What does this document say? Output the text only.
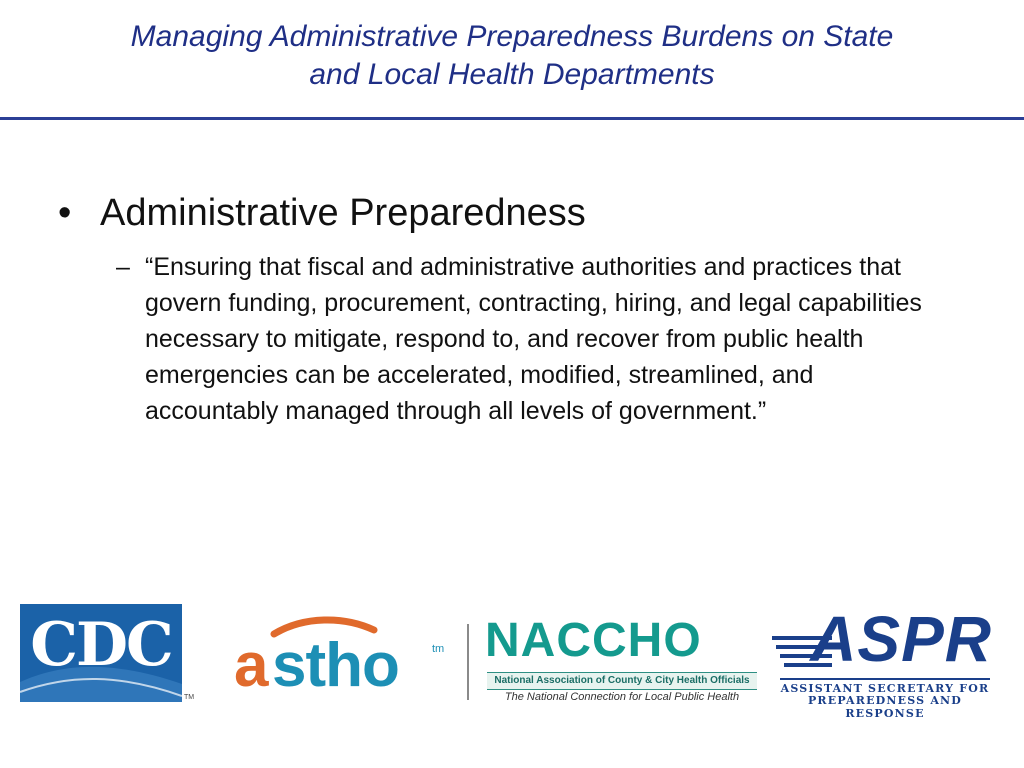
Managing Administrative Preparedness Burdens on State
and Local Health Departments
• Administrative Preparedness
– “Ensuring that fiscal and administrative authorities and practices that govern funding, procurement, contracting, hiring, and legal capabilities necessary to mitigate, respond to, and recover from public health emergencies can be accelerated, modified, streamlined, and accountably managed through all levels of government.”
CDC
TM a stho	tm NACCHO
National Association of County & City Health Officials
The National Connection for Local Public Health
ASPR
ASSISTANT SECRETARY FOR
PREPAREDNESS AND RESPONSE
